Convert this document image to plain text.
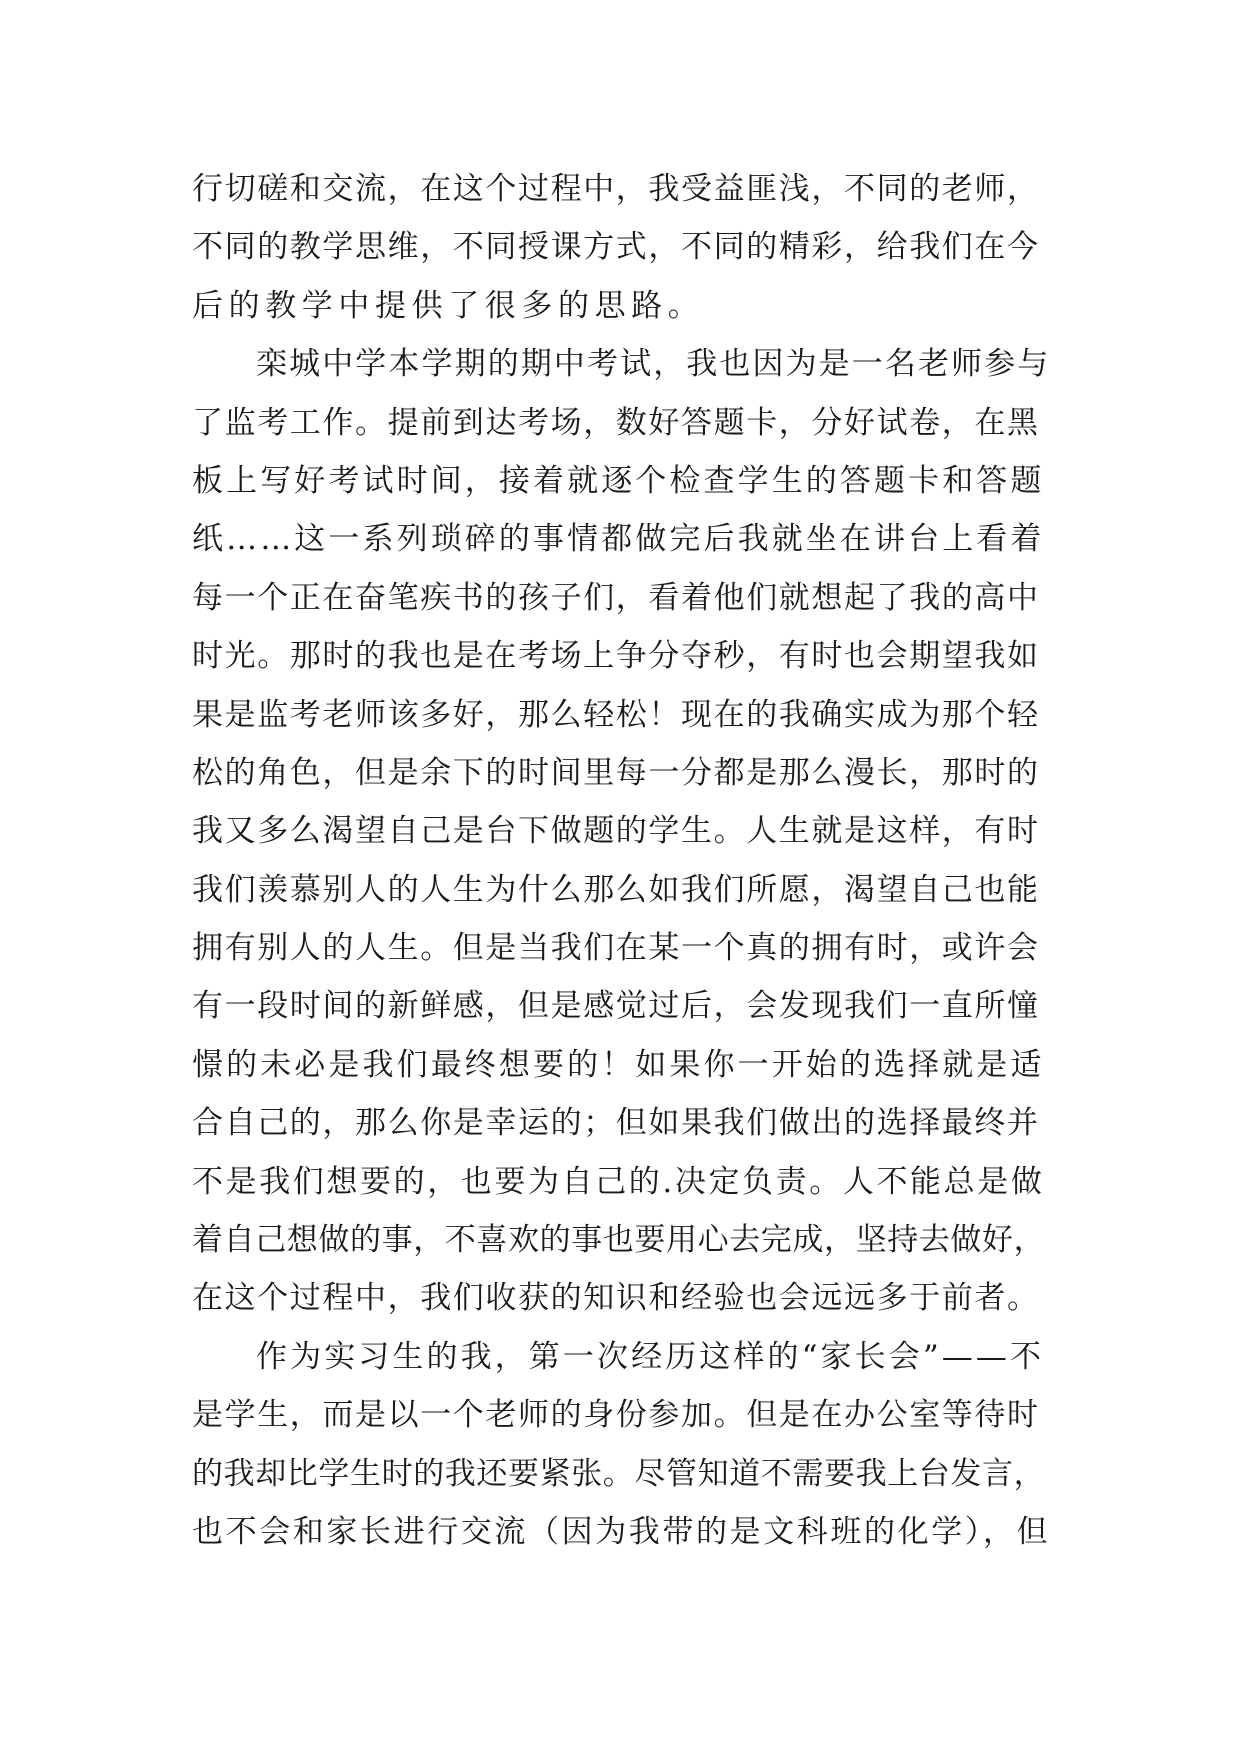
行切磋和交流，在这个过程中，我受益匪浅，不同的老师，
不同的教学思维，不同授课方式，不同的精彩，给我们在今
后的教学中提供了很多的思路。
栾城中学本学期的期中考试，我也因为是一名老师参与
了监考工作。提前到达考场，数好答题卡，分好试卷，在黑
板上写好考试时间，接着就逐个检查学生的答题卡和答题
纸……这一系列琐碎的事情都做完后我就坐在讲台上看着
每一个正在奋笔疾书的孩子们，看着他们就想起了我的高中
时光。那时的我也是在考场上争分夺秒，有时也会期望我如
果是监考老师该多好，那么轻松！现在的我确实成为那个轻
松的角色，但是余下的时间里每一分都是那么漫长，那时的
我又多么渴望自己是台下做题的学生。人生就是这样，有时
我们羡慕别人的人生为什么那么如我们所愿，渴望自己也能
拥有别人的人生。但是当我们在某一个真的拥有时，或许会
有一段时间的新鲜感，但是感觉过后，会发现我们一直所憧
憬的未必是我们最终想要的！如果你一开始的选择就是适
合自己的，那么你是幸运的；但如果我们做出的选择最终并
不是我们想要的，也要为自己的.决定负责。人不能总是做
着自己想做的事，不喜欢的事也要用心去完成，坚持去做好，
在这个过程中，我们收获的知识和经验也会远远多于前者。
作为实习生的我，第一次经历这样的“家长会”——不
是学生，而是以一个老师的身份参加。但是在办公室等待时
的我却比学生时的我还要紧张。尽管知道不需要我上台发言，
也不会和家长进行交流（因为我带的是文科班的化学），但
